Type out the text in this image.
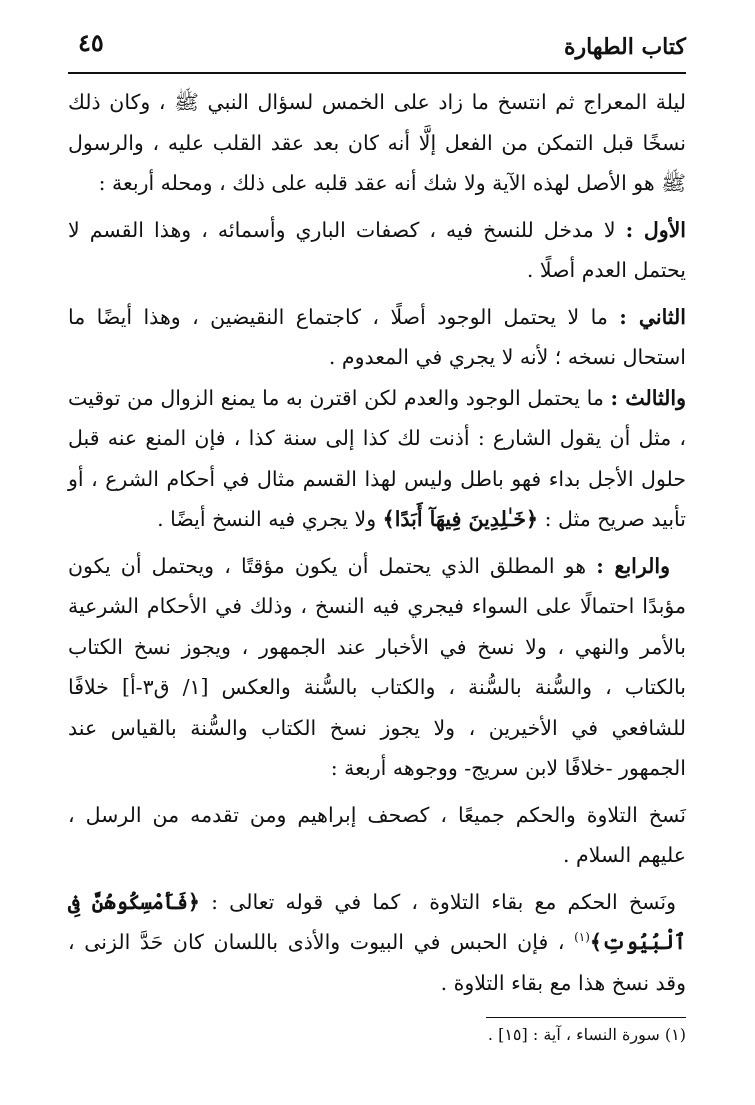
كتاب الطهارة
٤٥

ليلة المعراج ثم انتسخ ما زاد على الخمس لسؤال النبي ﷺ ، وكان ذلك نسخًا قبل التمكن من الفعل إلَّا أنه كان بعد عقد القلب عليه ، والرسول ﷺ هو الأصل لهذه الآية ولا شك أنه عقد قلبه على ذلك ، ومحله أربعة :

الأول : لا مدخل للنسخ فيه ، كصفات الباري وأسمائه ، وهذا القسم لا يحتمل العدم أصلًا .

الثاني : ما لا يحتمل الوجود أصلًا ، كاجتماع النقيضين ، وهذا أيضًا ما استحال نسخه ؛ لأنه لا يجري في المعدوم .

والثالث : ما يحتمل الوجود والعدم لكن اقترن به ما يمنع الزوال من توقيت ، مثل أن يقول الشارع : أذنت لك كذا إلى سنة كذا ، فإن المنع عنه قبل حلول الأجل بداء فهو باطل وليس لهذا القسم مثال في أحكام الشرع ، أو تأبيد صريح مثل : ﴿خَـٰلِدِينَ فِيهَآ أَبَدًا﴾ ولا يجري فيه النسخ أيضًا .

والرابع : هو المطلق الذي يحتمل أن يكون مؤقتًا ، ويحتمل أن يكون مؤبدًا احتمالًا على السواء فيجري فيه النسخ ، وذلك في الأحكام الشرعية بالأمر والنهي ، ولا نسخ في الأخبار عند الجمهور ، ويجوز نسخ الكتاب بالكتاب ، والسُّنة بالسُّنة ، والكتاب بالسُّنة والعكس [١/ ق٣-أ] خلافًا للشافعي في الأخيرين ، ولا يجوز نسخ الكتاب والسُّنة بالقياس عند الجمهور -خلافًا لابن سريج- ووجوهه أربعة :

نَسخ التلاوة والحكم جميعًا ، كصحف إبراهيم ومن تقدمه من الرسل ، عليهم السلام .

ونَسخ الحكم مع بقاء التلاوة ، كما في قوله تعالى : ﴿فَأَمْسِكُوهُنَّ فِى ٱلْبُيُوتِ﴾$^{(١)}$ ، فإن الحبس في البيوت والأذى باللسان كان حَدَّ الزنى ، وقد نسخ هذا مع بقاء التلاوة .

(١) سورة النساء ، آية : [١٥] .
